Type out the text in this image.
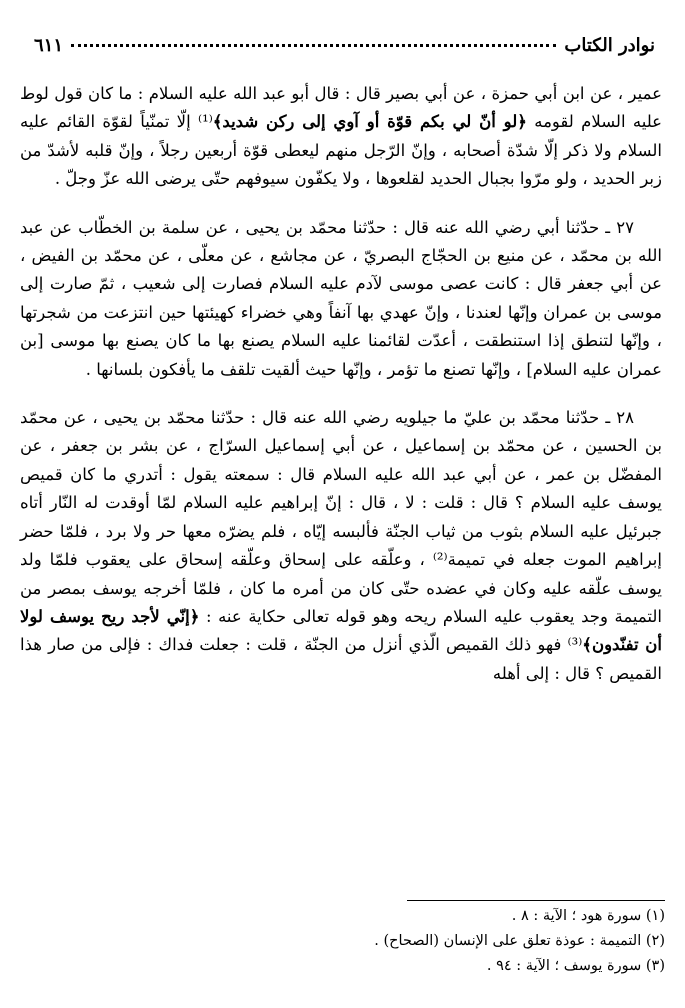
نوادر الكتاب
٦١١

عمير ، عن ابن أبي حمزة ، عن أبي بصير قال : قال أبو عبد الله عليه السلام : ما كان قول لوط عليه السلام لقومه ﴿لو أنّ لي بكم قوّة أو آوي إلى ركن شديد﴾⁽¹⁾ إلّا تمنّياً لقوّة القائم عليه السلام ولا ذكر إلّا شدّة أصحابه ، وإنّ الرّجل منهم ليعطى قوّة أربعين رجلاً ، وإنّ قلبه لأشدّ من زبر الحديد ، ولو مرّوا بجبال الحديد لقلعوها ، ولا يكفّون سيوفهم حتّى يرضى الله عزّ وجلّ .

٢٧ ـ حدّثنا أبي رضي الله عنه قال : حدّثنا محمّد بن يحيى ، عن سلمة بن الخطّاب عن عبد الله بن محمّد ، عن منيع بن الحجّاج البصريّ ، عن مجاشع ، عن معلّى ، عن محمّد بن الفيض ، عن أبي جعفر قال : كانت عصى موسى لآدم عليه السلام فصارت إلى شعيب ، ثمّ صارت إلى موسى بن عمران وإنّها لعندنا ، وإنّ عهدي بها آنفاً وهي خضراء كهيئتها حين انتزعت من شجرتها ، وإنّها لتنطق إذا استنطقت ، أعدّت لقائمنا عليه السلام يصنع بها ما كان يصنع بها موسى [بن عمران عليه السلام] ، وإنّها تصنع ما تؤمر ، وإنّها حيث ألقيت تلقف ما يأفكون بلسانها .

٢٨ ـ حدّثنا محمّد بن عليّ ما جيلويه رضي الله عنه قال : حدّثنا محمّد بن يحيى ، عن محمّد بن الحسين ، عن محمّد بن إسماعيل ، عن أبي إسماعيل السرّاج ، عن بشر بن جعفر ، عن المفضّل بن عمر ، عن أبي عبد الله عليه السلام قال : سمعته يقول : أتدري ما كان قميص يوسف عليه السلام ؟ قال : قلت : لا ، قال : إنّ إبراهيم عليه السلام لمّا أوقدت له النّار أتاه جبرئيل عليه السلام بثوب من ثياب الجنّة فألبسه إيّاه ، فلم يضرّه معها حر ولا برد ، فلمّا حضر إبراهيم الموت جعله في تميمة⁽²⁾ ، وعلّقه على إسحاق وعلّقه إسحاق على يعقوب فلمّا ولد يوسف علّقه عليه وكان في عضده حتّى كان من أمره ما كان ، فلمّا أخرجه يوسف بمصر من التميمة وجد يعقوب عليه السلام ريحه وهو قوله تعالى حكاية عنه : ﴿إنّي لأجد ريح يوسف لولا أن تفنّدون﴾⁽³⁾ فهو ذلك القميص الّذي أنزل من الجنّة ، قلت : جعلت فداك : فإلى من صار هذا القميص ؟ قال : إلى أهله

(١) سورة هود ؛ الآية : ٨ .

(٢) التميمة : عوذة تعلق على الإنسان (الصحاح) .

(٣) سورة يوسف ؛ الآية : ٩٤ .
